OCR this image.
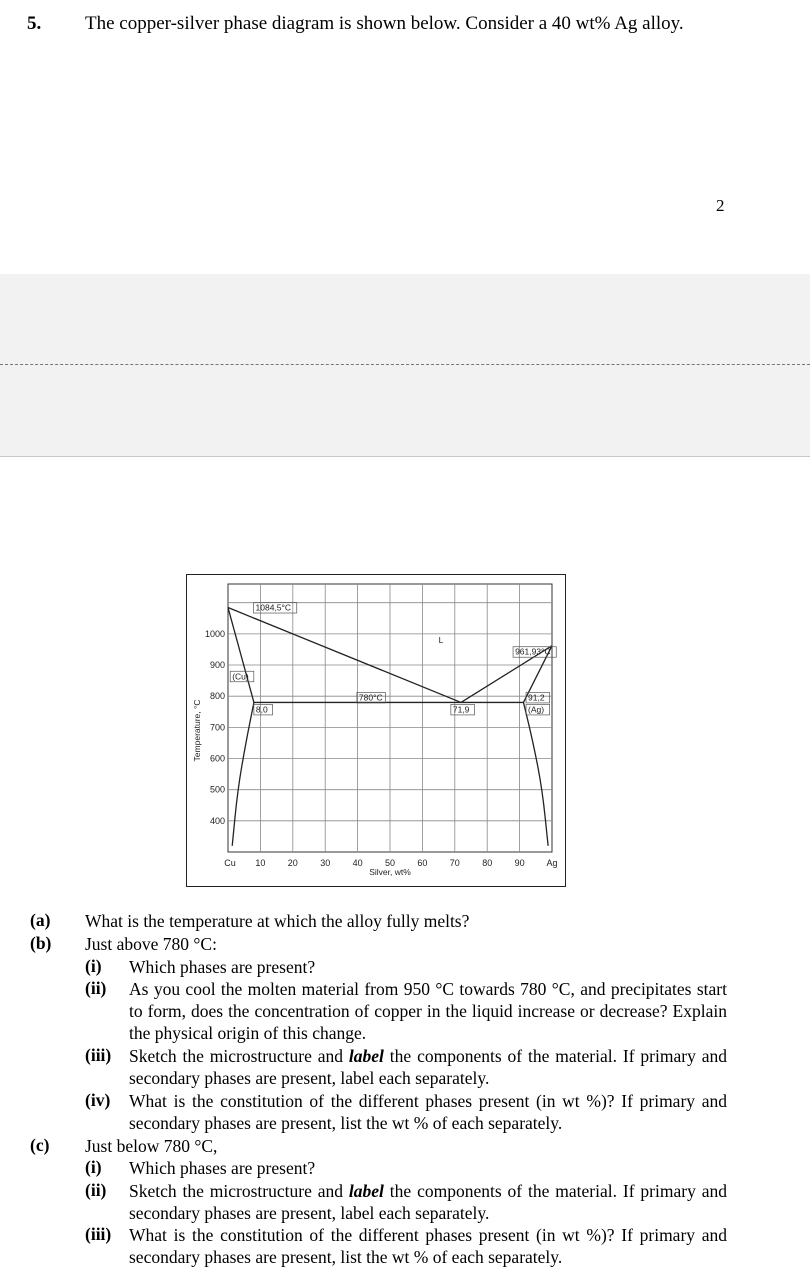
5. The copper-silver phase diagram is shown below. Consider a 40 wt% Ag alloy.
2
Cu 10 20 30 40 50 60 70 80 90 Ag
1000
900
800
700
600
500
400
Silver, wt%
Temperature, °C
1084,5°C
961,93°C
780°C
8,0	71,9
91,2
(Ag)
(Cu)
L
(a) What is the temperature at which the alloy fully melts?
(b) Just above 780 °C:
(i) Which phases are present?
(ii) As you cool the molten material from 950 °C towards 780 °C, and precipitates start to form, does the concentration of copper in the liquid increase or decrease? Explain the physical origin of this change.
(iii) Sketch the microstructure and label the components of the material. If primary and secondary phases are present, label each separately.
(iv) What is the constitution of the different phases present (in wt %)? If primary and secondary phases are present, list the wt % of each separately.
(c) Just below 780 °C,
(i) Which phases are present?
(ii) Sketch the microstructure and label the components of the material. If primary and secondary phases are present, label each separately.
(iii) What is the constitution of the different phases present (in wt %)? If primary and secondary phases are present, list the wt % of each separately.
